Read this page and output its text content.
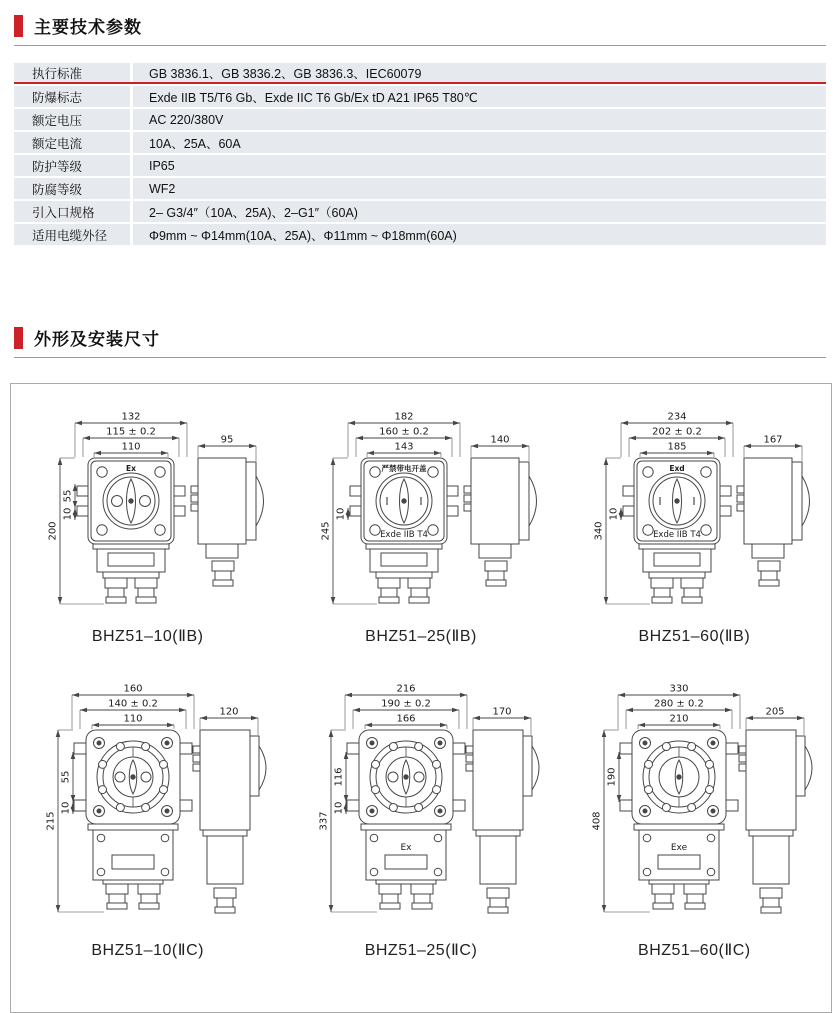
主要技术参数
执行标准	GB 3836.1、GB 3836.2、GB 3836.3、IEC60079
防爆标志	Exde IIB T5/T6 Gb、Exde IIC T6 Gb/Ex tD A21 IP65 T80℃
额定电压	AC 220/380V
额定电流	10A、25A、60A
防护等级	IP65
防腐等级	WF2
引入口规格	2– G3/4″（10A、25A)、2–G1″（60A)
适用电缆外径	Φ9mm ~ Φ14mm(10A、25A)、Φ11mm ~ Φ18mm(60A)
外形及安装尺寸
132
115 ± 0.2
110
200
55
10
Ex
95
BHZ51–10(ⅡB)
182
160 ± 0.2
143
245
10
严禁带电开盖
Exde IIB T4
140
BHZ51–25(ⅡB)
234
202 ± 0.2
185
340
10
Exd
Exde IIB T4
167
BHZ51–60(ⅡB)
160
140 ± 0.2
110
215
55
10
120
BHZ51–10(ⅡC)
216
190 ± 0.2
166
337
116
10
Ex
170
BHZ51–25(ⅡC)
330
280 ± 0.2
210
408
190
Exe
205
BHZ51–60(ⅡC)
